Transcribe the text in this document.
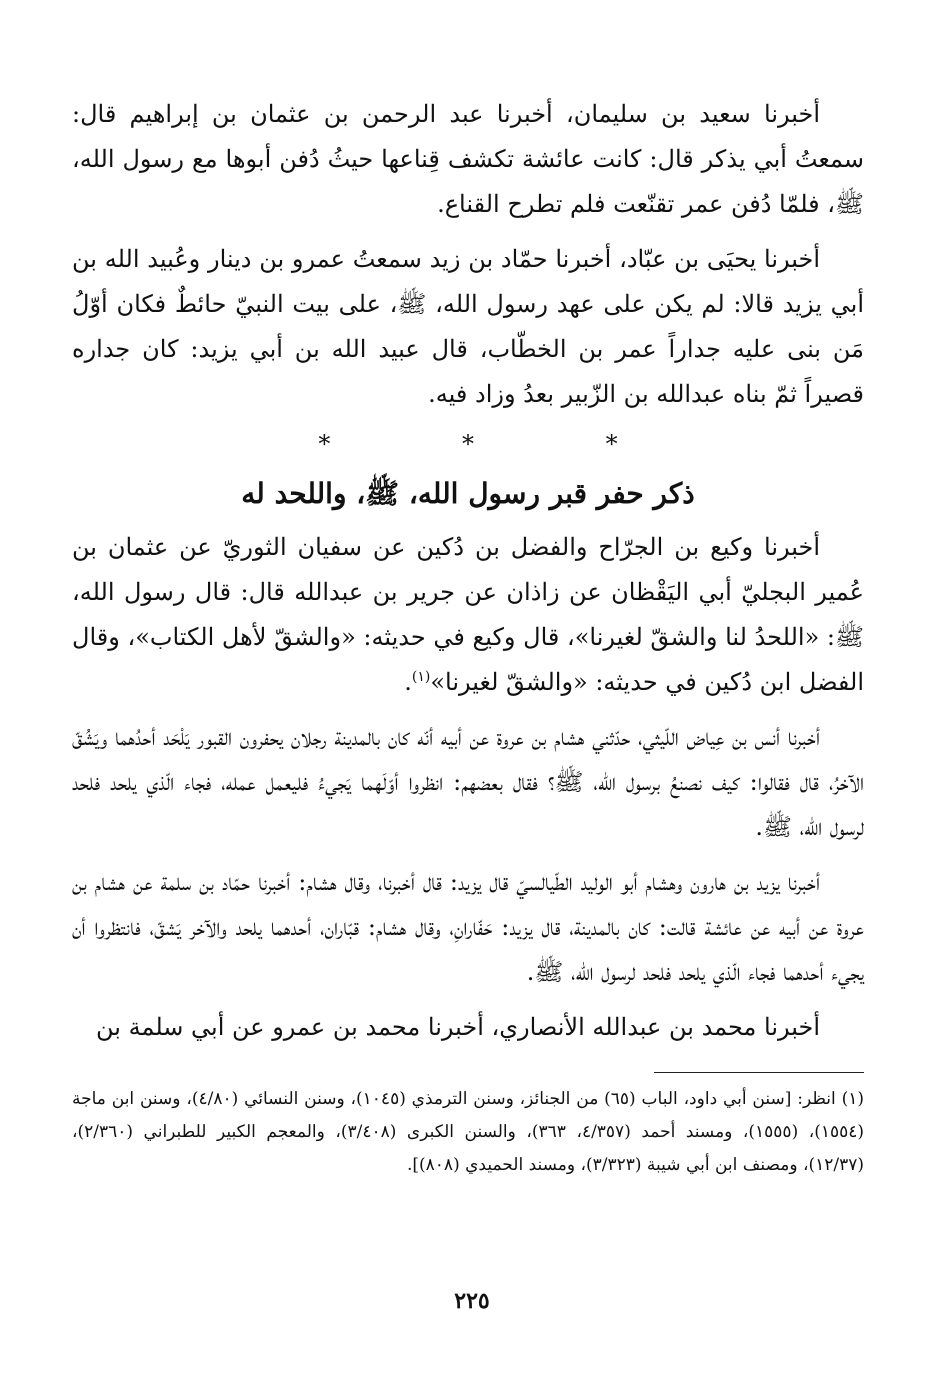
أخبرنا سعيد بن سليمان، أخبرنا عبد الرحمن بن عثمان بن إبراهيم قال: سمعتُ أبي يذكر قال: كانت عائشة تكشف قِناعها حيثُ دُفن أبوها مع رسول الله، ﷺ، فلمّا دُفن عمر تقنّعت فلم تطرح القناع.

أخبرنا يحيَى بن عبّاد، أخبرنا حمّاد بن زيد سمعتُ عمرو بن دينار وعُبيد الله بن أبي يزيد قالا: لم يكن على عهد رسول الله، ﷺ، على بيت النبيّ حائطٌ فكان أوّلُ مَن بنى عليه جداراً عمر بن الخطّاب، قال عبيد الله بن أبي يزيد: كان جداره قصيراً ثمّ بناه عبدالله بن الزّبير بعدُ وزاد فيه.

* * *
ذكر حفر قبر رسول الله، ﷺ، واللحد له

أخبرنا وكيع بن الجرّاح والفضل بن دُكين عن سفيان الثوريّ عن عثمان بن عُمير البجليّ أبي اليَقْظان عن زاذان عن جرير بن عبدالله قال: قال رسول الله، ﷺ: «اللحدُ لنا والشقّ لغيرنا»، قال وكيع في حديثه: «والشقّ لأهل الكتاب»، وقال الفضل ابن دُكين في حديثه: «والشقّ لغيرنا»$^{(١)}$.

أخبرنا أنس بن عِياض اللّيثي، حدّثني هشام بن عروة عن أبيه أنّه كان بالمدينة رجلان يحفرون القبور يَلْحَد أحدُهما ويَشُقّ الآخرُ، قال فقالوا: كيف نصنعُ برسول الله، ﷺ؟ فقال بعضهم: انظروا أوّلَهما يَجيءُ فليعمل عمله، فجاء الّذي يلحد فلحد لرسول الله، ﷺ.

أخبرنا يزيد بن هارون وهشام أبو الوليد الطّيالسيّ قال يزيد: قال أخبرنا، وقال هشام: أخبرنا حمّاد بن سلمة عن هشام بن عروة عن أبيه عن عائشة قالت: كان بالمدينة، قال يزيد: حَفّارانِ، وقال هشام: قبّاران، أحدهما يلحد والآخر يَشقّ، فانتظروا أن يجيء أحدهما فجاء الّذي يلحد فلحد لرسول الله، ﷺ.

أخبرنا محمد بن عبدالله الأنصاري، أخبرنا محمد بن عمرو عن أبي سلمة بن

(١) انظر: [سنن أبي داود، الباب (٦٥) من الجنائز، وسنن الترمذي (١٠٤٥)، وسنن النسائي (٤/٨٠)، وسنن ابن ماجة (١٥٥٤)، (١٥٥٥)، ومسند أحمد (٤/٣٥٧، ٣٦٣)، والسنن الكبرى (٣/٤٠٨)، والمعجم الكبير للطبراني (٢/٣٦٠)، (١٢/٣٧)، ومصنف ابن أبي شيبة (٣/٣٢٣)، ومسند الحميدي (٨٠٨)].

٢٢٥
